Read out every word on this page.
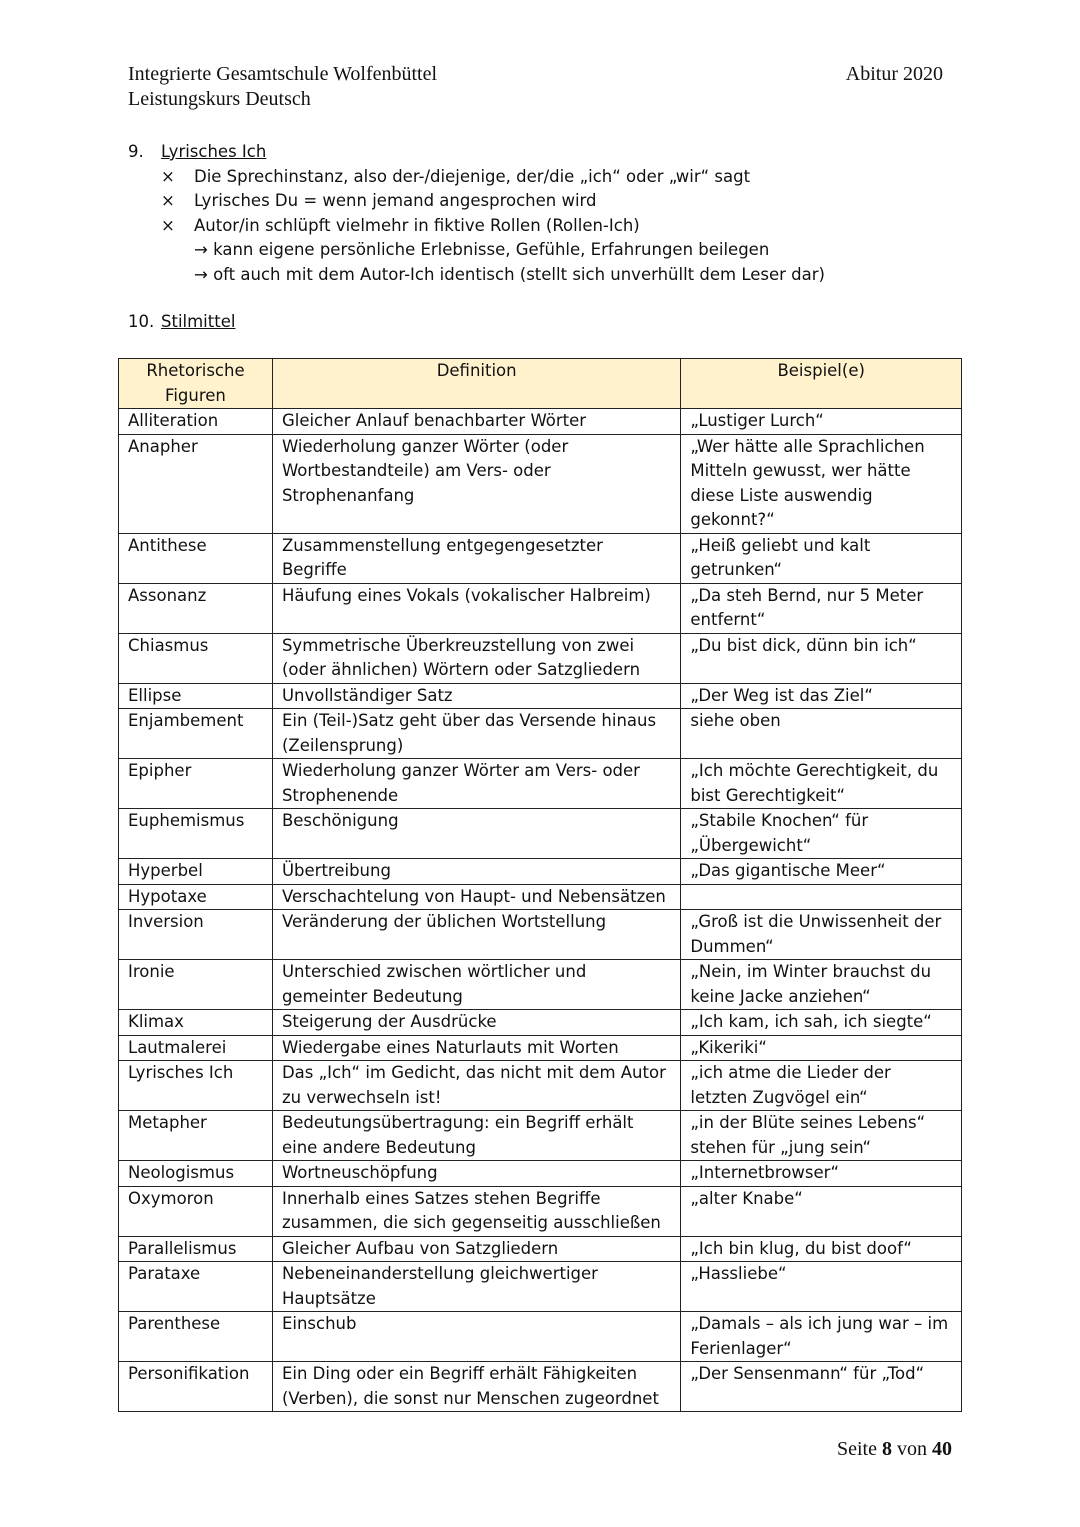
Integrierte Gesamtschule Wolfenbüttel
Leistungskurs Deutsch
Abitur 2020
9.	Lyrisches Ich
×	Die Sprechinstanz, also der-/diejenige, der/die „ich“ oder „wir“ sagt
×	Lyrisches Du = wenn jemand angesprochen wird
×	Autor/in schlüpft vielmehr in fiktive Rollen (Rollen-Ich)
→ kann eigene persönliche Erlebnisse, Gefühle, Erfahrungen beilegen
→ oft auch mit dem Autor-Ich identisch (stellt sich unverhüllt dem Leser dar)
10. Stilmittel
Rhetorische Figuren	Definition	Beispiel(e)
Alliteration	Gleicher Anlauf benachbarter Wörter	„Lustiger Lurch“
Anapher	Wiederholung ganzer Wörter (oder Wortbestandteile) am Vers- oder Strophenanfang	„Wer hätte alle Sprachlichen Mitteln gewusst, wer hätte diese Liste auswendig gekonnt?“
Antithese	Zusammenstellung entgegengesetzter Begriffe	„Heiß geliebt und kalt getrunken“
Assonanz	Häufung eines Vokals (vokalischer Halbreim)	„Da steh Bernd, nur 5 Meter entfernt“
Chiasmus	Symmetrische Überkreuzstellung von zwei (oder ähnlichen) Wörtern oder Satzgliedern	„Du bist dick, dünn bin ich“
Ellipse	Unvollständiger Satz	„Der Weg ist das Ziel“
Enjambement	Ein (Teil-)Satz geht über das Versende hinaus (Zeilensprung)	siehe oben
Epipher	Wiederholung ganzer Wörter am Vers- oder Strophenende	„Ich möchte Gerechtigkeit, du bist Gerechtigkeit“
Euphemismus	Beschönigung	„Stabile Knochen“ für „Übergewicht“
Hyperbel	Übertreibung	„Das gigantische Meer“
Hypotaxe	Verschachtelung von Haupt- und Nebensätzen	
Inversion	Veränderung der üblichen Wortstellung	„Groß ist die Unwissenheit der Dummen“
Ironie	Unterschied zwischen wörtlicher und gemeinter Bedeutung	„Nein, im Winter brauchst du keine Jacke anziehen“
Klimax	Steigerung der Ausdrücke	„Ich kam, ich sah, ich siegte“
Lautmalerei	Wiedergabe eines Naturlauts mit Worten	„Kikeriki“
Lyrisches Ich	Das „Ich“ im Gedicht, das nicht mit dem Autor zu verwechseln ist!	„ich atme die Lieder der letzten Zugvögel ein“
Metapher	Bedeutungsübertragung: ein Begriff erhält eine andere Bedeutung	„in der Blüte seines Lebens“ stehen für „jung sein“
Neologismus	Wortneuschöpfung	„Internetbrowser“
Oxymoron	Innerhalb eines Satzes stehen Begriffe zusammen, die sich gegenseitig ausschließen	„alter Knabe“
Parallelismus	Gleicher Aufbau von Satzgliedern	„Ich bin klug, du bist doof“
Parataxe	Nebeneinanderstellung gleichwertiger Hauptsätze	„Hassliebe“
Parenthese	Einschub	„Damals – als ich jung war – im Ferienlager“
Personifikation	Ein Ding oder ein Begriff erhält Fähigkeiten (Verben), die sonst nur Menschen zugeordnet	„Der Sensenmann“ für „Tod“
Seite 8 von 40
